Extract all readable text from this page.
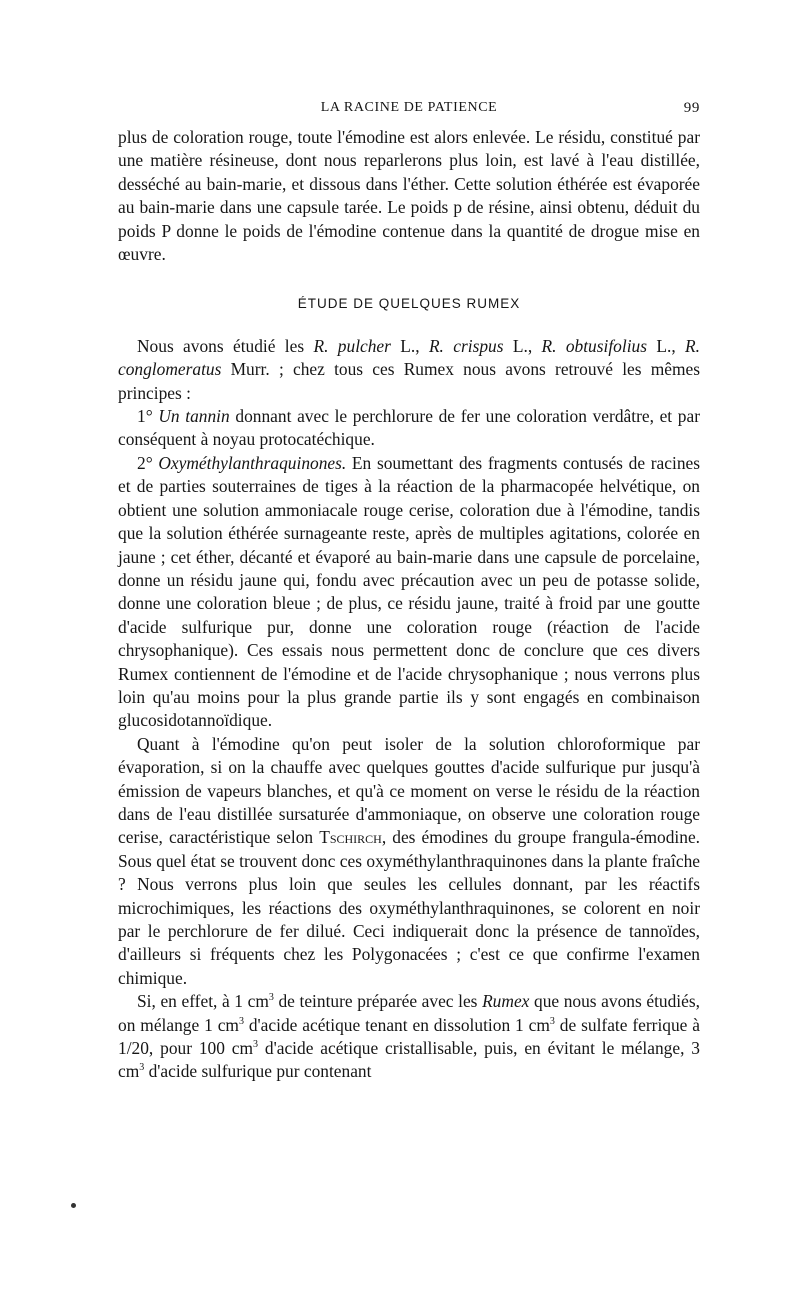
LA RACINE DE PATIENCE	99

plus de coloration rouge, toute l'émodine est alors enlevée. Le résidu, constitué par une matière résineuse, dont nous reparlerons plus loin, est lavé à l'eau distillée, desséché au bain-marie, et dissous dans l'éther. Cette solution éthérée est évaporée au bain-marie dans une capsule tarée. Le poids p de résine, ainsi obtenu, déduit du poids P donne le poids de l'émodine contenue dans la quantité de drogue mise en œuvre.

ÉTUDE DE QUELQUES RUMEX

Nous avons étudié les R. pulcher L., R. crispus L., R. obtusifolius L., R. conglomeratus Murr. ; chez tous ces Rumex nous avons retrouvé les mêmes principes :

1° Un tannin donnant avec le perchlorure de fer une coloration verdâtre, et par conséquent à noyau protocatéchique.

2° Oxyméthylanthraquinones. En soumettant des fragments contusés de racines et de parties souterraines de tiges à la réaction de la pharmacopée helvétique, on obtient une solution ammoniacale rouge cerise, coloration due à l'émodine, tandis que la solution éthérée surnageante reste, après de multiples agitations, colorée en jaune ; cet éther, décanté et évaporé au bain-marie dans une capsule de porcelaine, donne un résidu jaune qui, fondu avec précaution avec un peu de potasse solide, donne une coloration bleue ; de plus, ce résidu jaune, traité à froid par une goutte d'acide sulfurique pur, donne une coloration rouge (réaction de l'acide chrysophanique). Ces essais nous permettent donc de conclure que ces divers Rumex contiennent de l'émodine et de l'acide chrysophanique ; nous verrons plus loin qu'au moins pour la plus grande partie ils y sont engagés en combinaison glucosidotannoïdique.

Quant à l'émodine qu'on peut isoler de la solution chloroformique par évaporation, si on la chauffe avec quelques gouttes d'acide sulfurique pur jusqu'à émission de vapeurs blanches, et qu'à ce moment on verse le résidu de la réaction dans de l'eau distillée sursaturée d'ammoniaque, on observe une coloration rouge cerise, caractéristique selon Tschirch, des émodines du groupe frangula-émodine. Sous quel état se trouvent donc ces oxyméthylanthraquinones dans la plante fraîche ? Nous verrons plus loin que seules les cellules donnant, par les réactifs microchimiques, les réactions des oxyméthylanthraquinones, se colorent en noir par le perchlorure de fer dilué. Ceci indiquerait donc la présence de tannoïdes, d'ailleurs si fréquents chez les Polygonacées ; c'est ce que confirme l'examen chimique.

Si, en effet, à 1 $cm^3$ de teinture préparée avec les Rumex que nous avons étudiés, on mélange 1 $cm^3$ d'acide acétique tenant en dissolution 1 $cm^3$ de sulfate ferrique à 1/20, pour 100 $cm^3$ d'acide acétique cristallisable, puis, en évitant le mélange, 3 $cm^3$ d'acide sulfurique pur contenant
